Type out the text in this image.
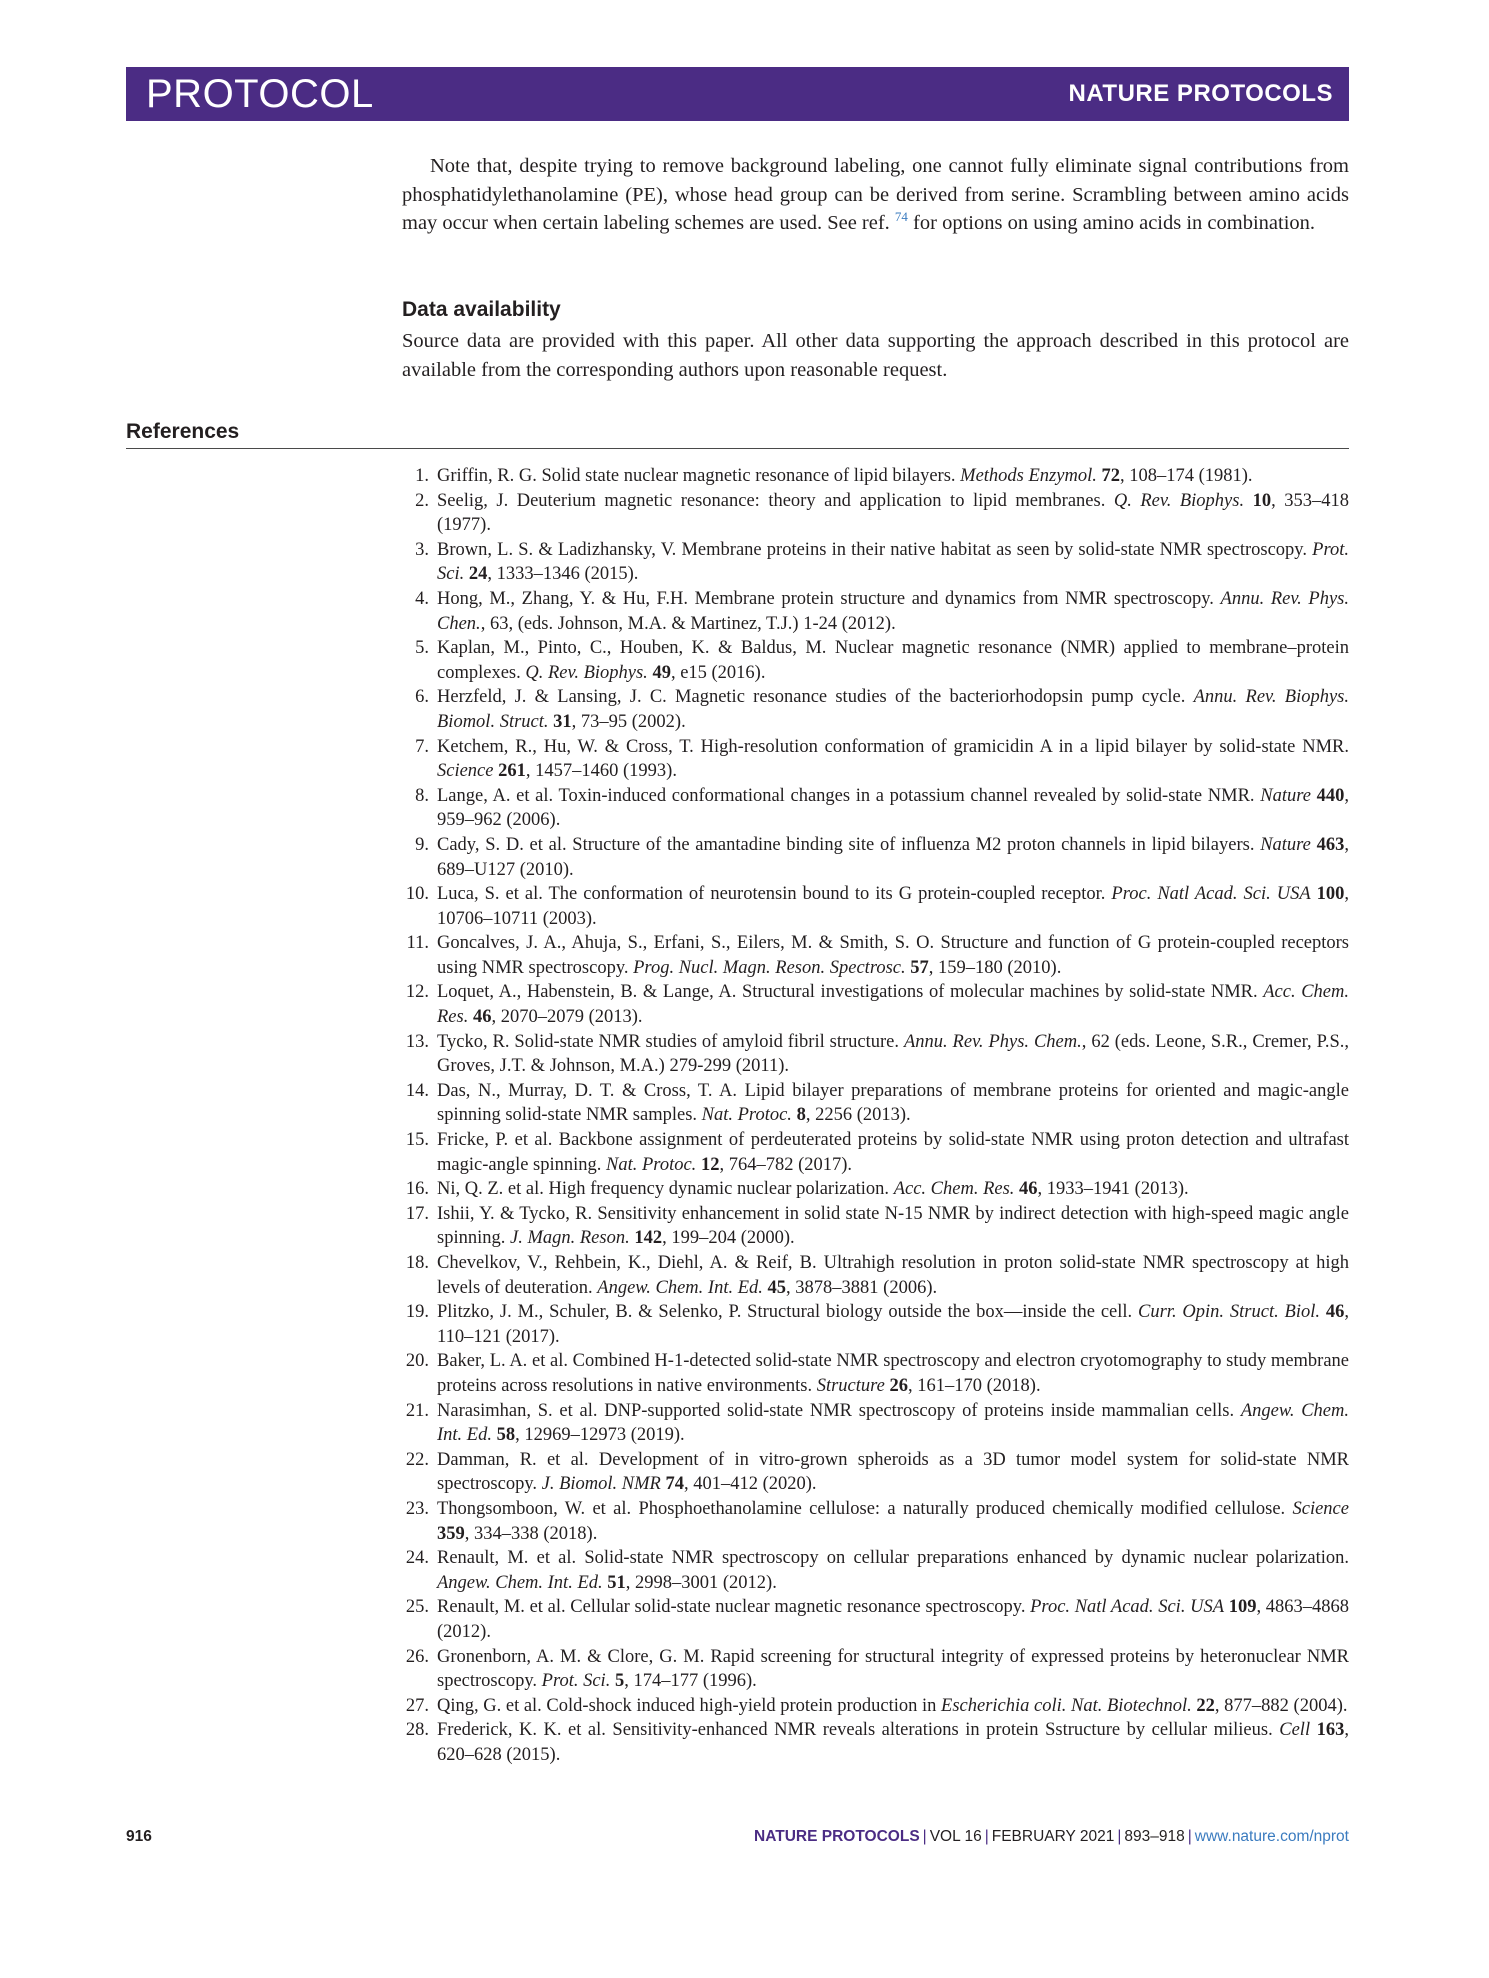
PROTOCOL	NATURE PROTOCOLS
Note that, despite trying to remove background labeling, one cannot fully eliminate signal contributions from phosphatidylethanolamine (PE), whose head group can be derived from serine. Scrambling between amino acids may occur when certain labeling schemes are used. See ref. $^{74}$ for options on using amino acids in combination.
Data availability
Source data are provided with this paper. All other data supporting the approach described in this protocol are available from the corresponding authors upon reasonable request.
References
1. Griffin, R. G. Solid state nuclear magnetic resonance of lipid bilayers. Methods Enzymol. 72, 108–174 (1981).
2. Seelig, J. Deuterium magnetic resonance: theory and application to lipid membranes. Q. Rev. Biophys. 10, 353–418 (1977).
3. Brown, L. S. & Ladizhansky, V. Membrane proteins in their native habitat as seen by solid-state NMR spectroscopy. Prot. Sci. 24, 1333–1346 (2015).
4. Hong, M., Zhang, Y. & Hu, F.H. Membrane protein structure and dynamics from NMR spectroscopy. Annu. Rev. Phys. Chen., 63, (eds. Johnson, M.A. & Martinez, T.J.) 1-24 (2012).
5. Kaplan, M., Pinto, C., Houben, K. & Baldus, M. Nuclear magnetic resonance (NMR) applied to membrane–protein complexes. Q. Rev. Biophys. 49, e15 (2016).
6. Herzfeld, J. & Lansing, J. C. Magnetic resonance studies of the bacteriorhodopsin pump cycle. Annu. Rev. Biophys. Biomol. Struct. 31, 73–95 (2002).
7. Ketchem, R., Hu, W. & Cross, T. High-resolution conformation of gramicidin A in a lipid bilayer by solid-state NMR. Science 261, 1457–1460 (1993).
8. Lange, A. et al. Toxin-induced conformational changes in a potassium channel revealed by solid-state NMR. Nature 440, 959–962 (2006).
9. Cady, S. D. et al. Structure of the amantadine binding site of influenza M2 proton channels in lipid bilayers. Nature 463, 689–U127 (2010).
10. Luca, S. et al. The conformation of neurotensin bound to its G protein-coupled receptor. Proc. Natl Acad. Sci. USA 100, 10706–10711 (2003).
11. Goncalves, J. A., Ahuja, S., Erfani, S., Eilers, M. & Smith, S. O. Structure and function of G protein-coupled receptors using NMR spectroscopy. Prog. Nucl. Magn. Reson. Spectrosc. 57, 159–180 (2010).
12. Loquet, A., Habenstein, B. & Lange, A. Structural investigations of molecular machines by solid-state NMR. Acc. Chem. Res. 46, 2070–2079 (2013).
13. Tycko, R. Solid-state NMR studies of amyloid fibril structure. Annu. Rev. Phys. Chem., 62 (eds. Leone, S.R., Cremer, P.S., Groves, J.T. & Johnson, M.A.) 279-299 (2011).
14. Das, N., Murray, D. T. & Cross, T. A. Lipid bilayer preparations of membrane proteins for oriented and magic-angle spinning solid-state NMR samples. Nat. Protoc. 8, 2256 (2013).
15. Fricke, P. et al. Backbone assignment of perdeuterated proteins by solid-state NMR using proton detection and ultrafast magic-angle spinning. Nat. Protoc. 12, 764–782 (2017).
16. Ni, Q. Z. et al. High frequency dynamic nuclear polarization. Acc. Chem. Res. 46, 1933–1941 (2013).
17. Ishii, Y. & Tycko, R. Sensitivity enhancement in solid state N-15 NMR by indirect detection with high-speed magic angle spinning. J. Magn. Reson. 142, 199–204 (2000).
18. Chevelkov, V., Rehbein, K., Diehl, A. & Reif, B. Ultrahigh resolution in proton solid-state NMR spectroscopy at high levels of deuteration. Angew. Chem. Int. Ed. 45, 3878–3881 (2006).
19. Plitzko, J. M., Schuler, B. & Selenko, P. Structural biology outside the box—inside the cell. Curr. Opin. Struct. Biol. 46, 110–121 (2017).
20. Baker, L. A. et al. Combined H-1-detected solid-state NMR spectroscopy and electron cryotomography to study membrane proteins across resolutions in native environments. Structure 26, 161–170 (2018).
21. Narasimhan, S. et al. DNP-supported solid-state NMR spectroscopy of proteins inside mammalian cells. Angew. Chem. Int. Ed. 58, 12969–12973 (2019).
22. Damman, R. et al. Development of in vitro-grown spheroids as a 3D tumor model system for solid-state NMR spectroscopy. J. Biomol. NMR 74, 401–412 (2020).
23. Thongsomboon, W. et al. Phosphoethanolamine cellulose: a naturally produced chemically modified cellulose. Science 359, 334–338 (2018).
24. Renault, M. et al. Solid-state NMR spectroscopy on cellular preparations enhanced by dynamic nuclear polarization. Angew. Chem. Int. Ed. 51, 2998–3001 (2012).
25. Renault, M. et al. Cellular solid-state nuclear magnetic resonance spectroscopy. Proc. Natl Acad. Sci. USA 109, 4863–4868 (2012).
26. Gronenborn, A. M. & Clore, G. M. Rapid screening for structural integrity of expressed proteins by heteronuclear NMR spectroscopy. Prot. Sci. 5, 174–177 (1996).
27. Qing, G. et al. Cold-shock induced high-yield protein production in Escherichia coli. Nat. Biotechnol. 22, 877–882 (2004).
28. Frederick, K. K. et al. Sensitivity-enhanced NMR reveals alterations in protein Sstructure by cellular milieus. Cell 163, 620–628 (2015).
916	NATURE PROTOCOLS | VOL 16 | FEBRUARY 2021 | 893–918 | www.nature.com/nprot
